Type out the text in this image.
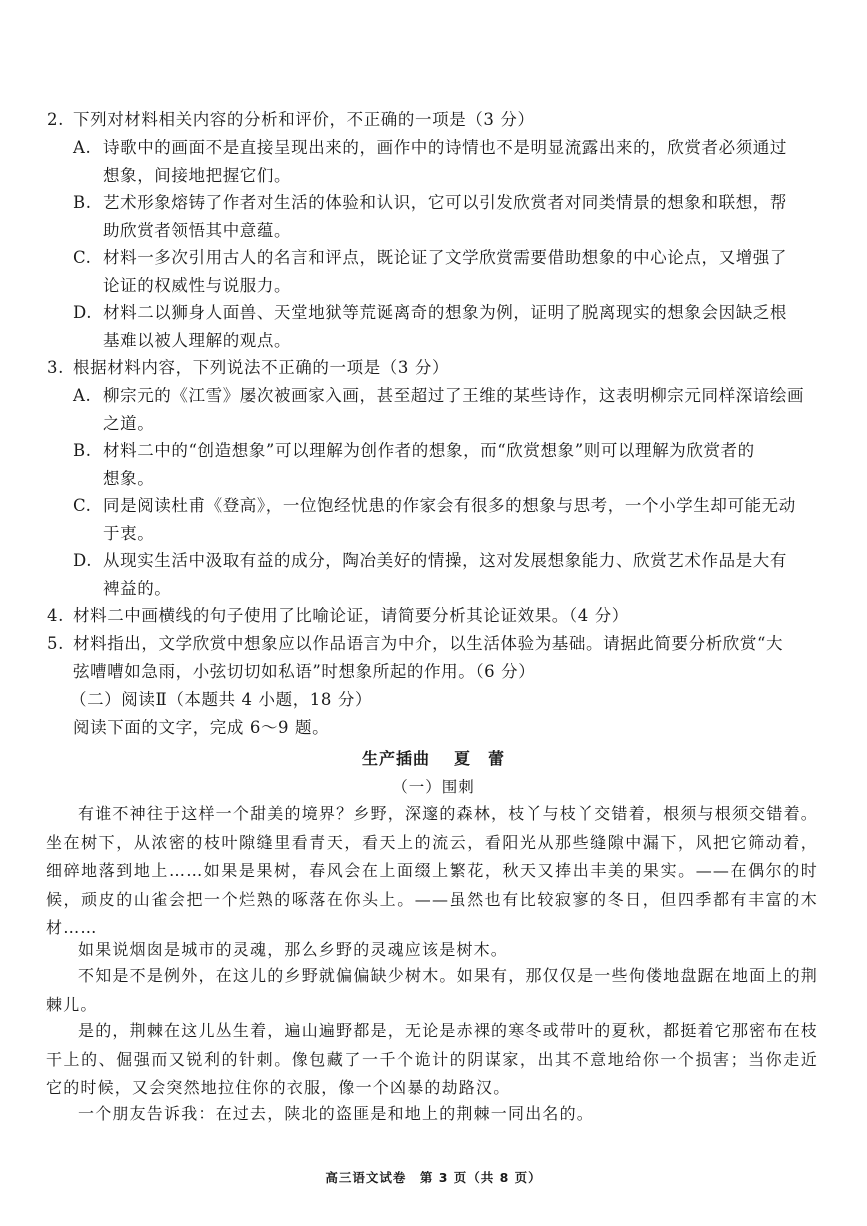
2. 下列对材料相关内容的分析和评价，不正确的一项是（3 分）
A. 诗歌中的画面不是直接呈现出来的，画作中的诗情也不是明显流露出来的，欣赏者必须通过
想象，间接地把握它们。
B. 艺术形象熔铸了作者对生活的体验和认识，它可以引发欣赏者对同类情景的想象和联想，帮
助欣赏者领悟其中意蕴。
C. 材料一多次引用古人的名言和评点，既论证了文学欣赏需要借助想象的中心论点，又增强了
论证的权威性与说服力。
D. 材料二以狮身人面兽、天堂地狱等荒诞离奇的想象为例，证明了脱离现实的想象会因缺乏根
基难以被人理解的观点。
3. 根据材料内容，下列说法不正确的一项是（3 分）
A. 柳宗元的《江雪》屡次被画家入画，甚至超过了王维的某些诗作，这表明柳宗元同样深谙绘画
之道。
B. 材料二中的“创造想象”可以理解为创作者的想象，而“欣赏想象”则可以理解为欣赏者的
想象。
C. 同是阅读杜甫《登高》，一位饱经忧患的作家会有很多的想象与思考，一个小学生却可能无动
于衷。
D. 从现实生活中汲取有益的成分，陶冶美好的情操，这对发展想象能力、欣赏艺术作品是大有
裨益的。
4. 材料二中画横线的句子使用了比喻论证，请简要分析其论证效果。（4 分）
5. 材料指出，文学欣赏中想象应以作品语言为中介，以生活体验为基础。请据此简要分析欣赏“大
弦嘈嘈如急雨，小弦切切如私语”时想象所起的作用。（6 分）
（二）阅读Ⅱ（本题共 4 小题，18 分）
阅读下面的文字，完成 6～9 题。
生产插曲 夏　蕾
（一）围刺
有谁不神往于这样一个甜美的境界？乡野，深邃的森林，枝丫与枝丫交错着，根须与根须交错着。坐在树下，从浓密的枝叶隙缝里看青天，看天上的流云，看阳光从那些缝隙中漏下，风把它筛动着，细碎地落到地上……如果是果树，春风会在上面缀上繁花，秋天又捧出丰美的果实。——在偶尔的时候，顽皮的山雀会把一个烂熟的啄落在你头上。——虽然也有比较寂寥的冬日，但四季都有丰富的木材……
如果说烟囱是城市的灵魂，那么乡野的灵魂应该是树木。
不知是不是例外，在这儿的乡野就偏偏缺少树木。如果有，那仅仅是一些佝偻地盘踞在地面上的荆棘儿。
是的，荆棘在这儿丛生着，遍山遍野都是，无论是赤裸的寒冬或带叶的夏秋，都挺着它那密布在枝干上的、倔强而又锐利的针刺。像包藏了一千个诡计的阴谋家，出其不意地给你一个损害；当你走近它的时候，又会突然地拉住你的衣服，像一个凶暴的劫路汉。
一个朋友告诉我：在过去，陕北的盗匪是和地上的荆棘一同出名的。
高三语文试卷　第 3 页（共 8 页）
